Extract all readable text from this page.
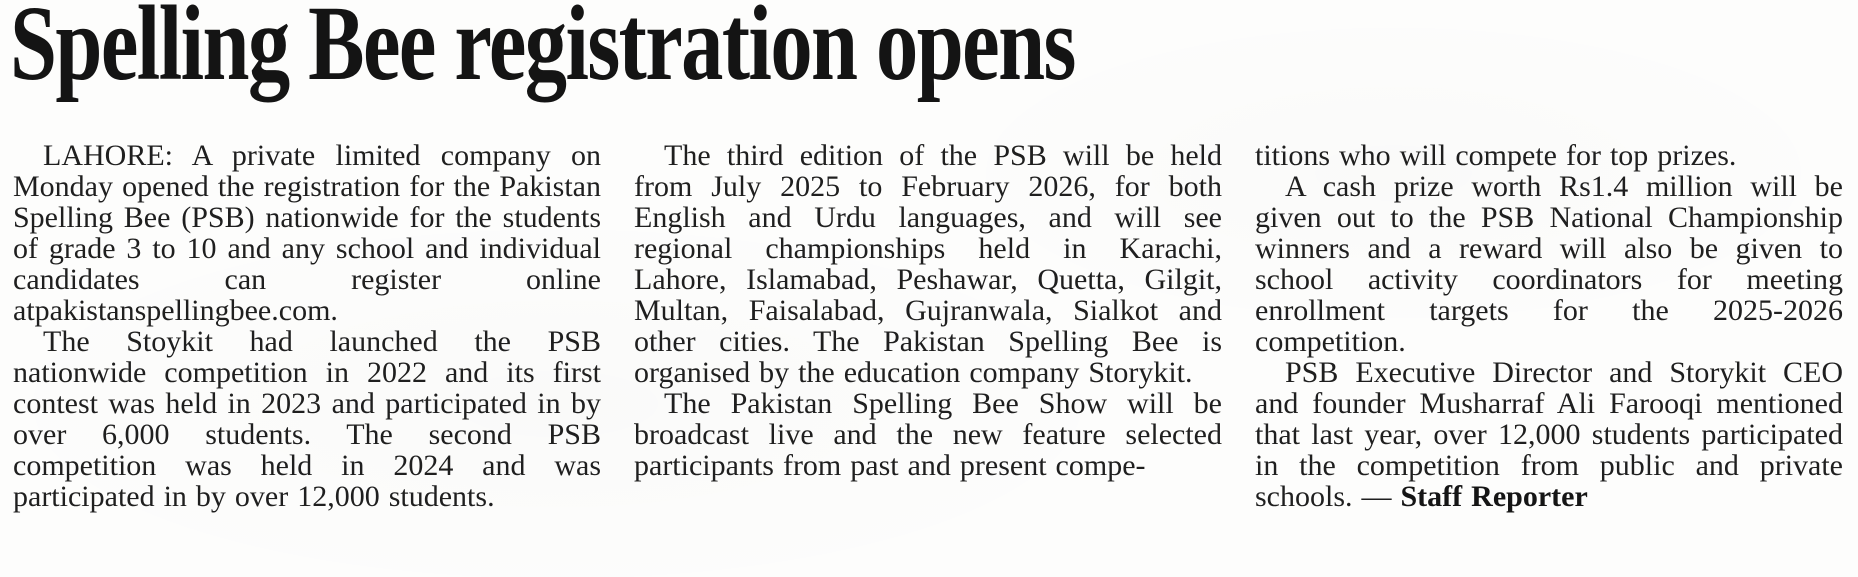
Spelling Bee registration opens

LAHORE: A private limited company on Monday opened the registration for the Pakistan Spelling Bee (PSB) nationwide for the students of grade 3 to 10 and any school and individual candidates can register online atpakistanspellingbee.com.

The Stoykit had launched the PSB nationwide competition in 2022 and its first contest was held in 2023 and participated in by over 6,000 students. The second PSB competition was held in 2024 and was participated in by over 12,000 students.

The third edition of the PSB will be held from July 2025 to February 2026, for both English and Urdu languages, and will see regional championships held in Karachi, Lahore, Islamabad, Peshawar, Quetta, Gilgit, Multan, Faisalabad, Gujranwala, Sialkot and other cities. The Pakistan Spelling Bee is organised by the education company Storykit.

The Pakistan Spelling Bee Show will be broadcast live and the new feature selected participants from past and present compe-

titions who will compete for top prizes.

A cash prize worth Rs1.4 million will be given out to the PSB National Championship winners and a reward will also be given to school activity coordinators for meeting enrollment targets for the 2025-2026 competition.

PSB Executive Director and Storykit CEO and founder Musharraf Ali Farooqi mentioned that last year, over 12,000 students participated in the competition from public and private schools. — Staff Reporter
